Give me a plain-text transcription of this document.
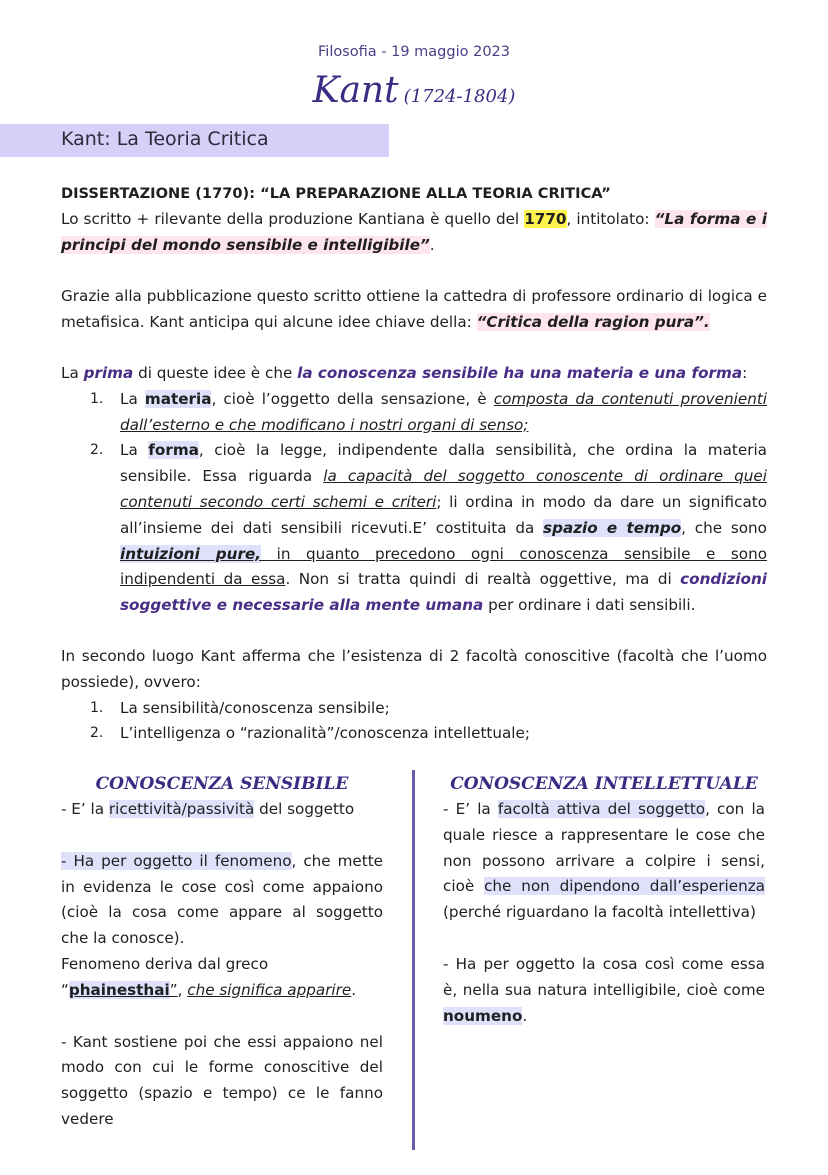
Filosofia - 19 maggio 2023
Kant (1724-1804)
Kant: La Teoria Critica

DISSERTAZIONE (1770): “LA PREPARAZIONE ALLA TEORIA CRITICA”

Lo scritto + rilevante della produzione Kantiana è quello del 1770, intitolato: “La forma e i principi del mondo sensibile e intelligibile”.

Grazie alla pubblicazione questo scritto ottiene la cattedra di professore ordinario di logica e metafisica. Kant anticipa qui alcune idee chiave della: “Critica della ragion pura”.

La prima di queste idee è che la conoscenza sensibile ha una materia e una forma:

1. La materia, cioè l’oggetto della sensazione, è composta da contenuti provenienti dall’esterno e che modificano i nostri organi di senso;
2. La forma, cioè la legge, indipendente dalla sensibilità, che ordina la materia sensibile. Essa riguarda la capacità del soggetto conoscente di ordinare quei contenuti secondo certi schemi e criteri; li ordina in modo da dare un significato all’insieme dei dati sensibili ricevuti.E’ costituita da spazio e tempo, che sono intuizioni pure, in quanto precedono ogni conoscenza sensibile e sono indipendenti da essa. Non si tratta quindi di realtà oggettive, ma di condizioni soggettive e necessarie alla mente umana per ordinare i dati sensibili.

In secondo luogo Kant afferma che l’esistenza di 2 facoltà conoscitive (facoltà che l’uomo possiede), ovvero:

1. La sensibilità/conoscenza sensibile;
2. L’intelligenza o “razionalità”/conoscenza intellettuale;
CONOSCENZA SENSIBILE

- E’ la ricettività/passività del soggetto

- Ha per oggetto il fenomeno, che mette in evidenza le cose così come appaiono (cioè la cosa come appare al soggetto che la conosce).

Fenomeno deriva dal greco “phainesthai”, che significa apparire.

- Kant sostiene poi che essi appaiono nel modo con cui le forme conoscitive del soggetto (spazio e tempo) ce le fanno vedere

CONOSCENZA INTELLETTUALE

- E’ la facoltà attiva del soggetto, con la quale riesce a rappresentare le cose che non possono arrivare a colpire i sensi, cioè che non dipendono dall’esperienza (perché riguardano la facoltà intellettiva)

- Ha per oggetto la cosa così come essa è, nella sua natura intelligibile, cioè come noumeno.
